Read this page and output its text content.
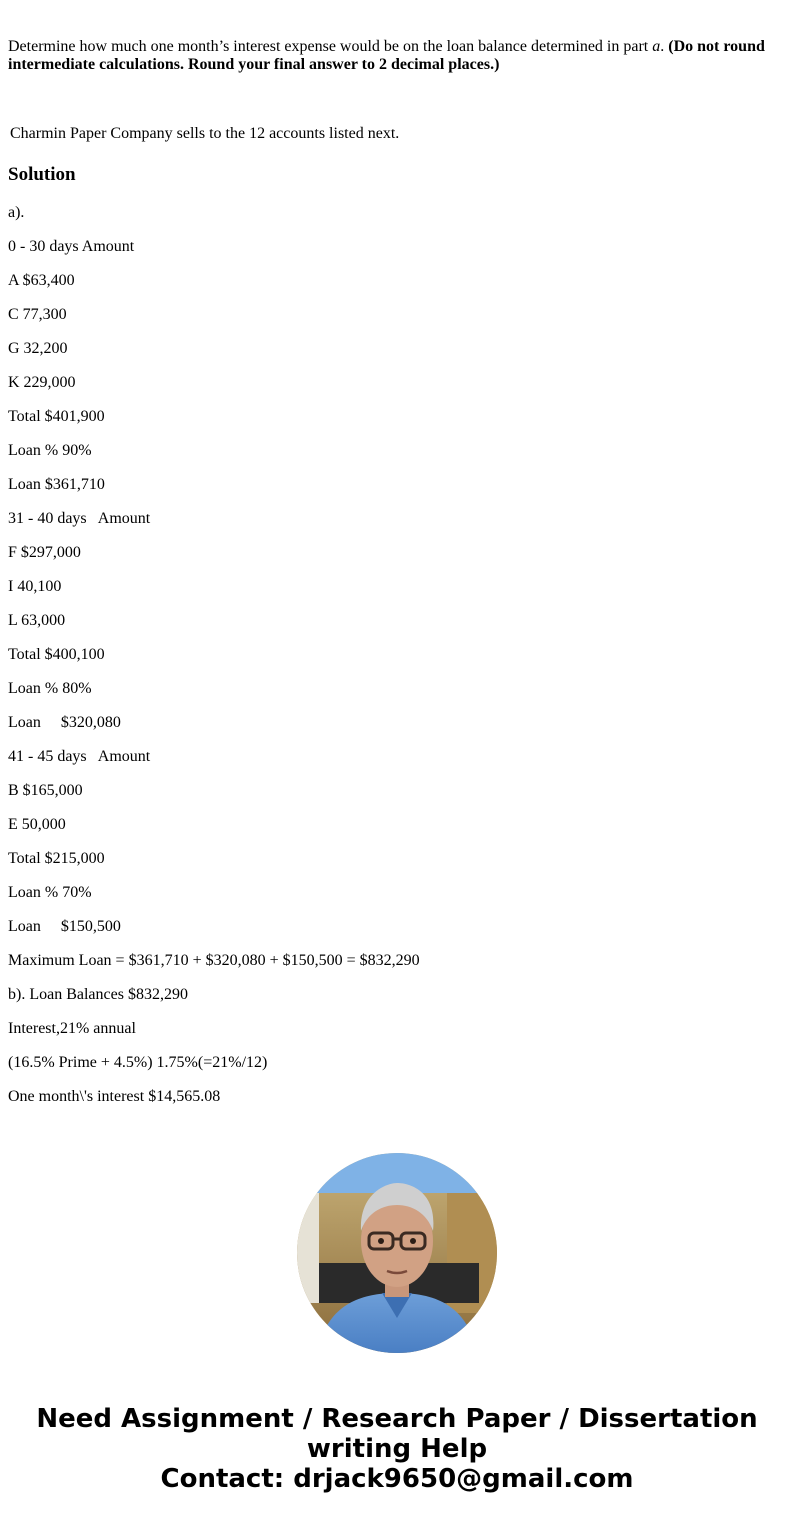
Determine how much one month’s interest expense would be on the loan balance determined in part a. (Do not round intermediate calculations. Round your final answer to 2 decimal places.)

Charmin Paper Company sells to the 12 accounts listed next.

Solution
a).
0 - 30 days Amount
A $63,400
C 77,300
G 32,200
K 229,000
Total $401,900
Loan % 90%
Loan $361,710
31 - 40 days   Amount
F $297,000
I 40,100
L 63,000
Total $400,100
Loan % 80%
Loan     $320,080
41 - 45 days   Amount
B $165,000
E 50,000
Total $215,000
Loan % 70%
Loan     $150,500
Maximum Loan = $361,710 + $320,080 + $150,500 = $832,290
b). Loan Balances $832,290
Interest,21% annual
(16.5% Prime + 4.5%) 1.75%(=21%/12)
One month\'s interest $14,565.08
Need Assignment / Research Paper / Dissertation
writing Help
Contact: drjack9650@gmail.com
